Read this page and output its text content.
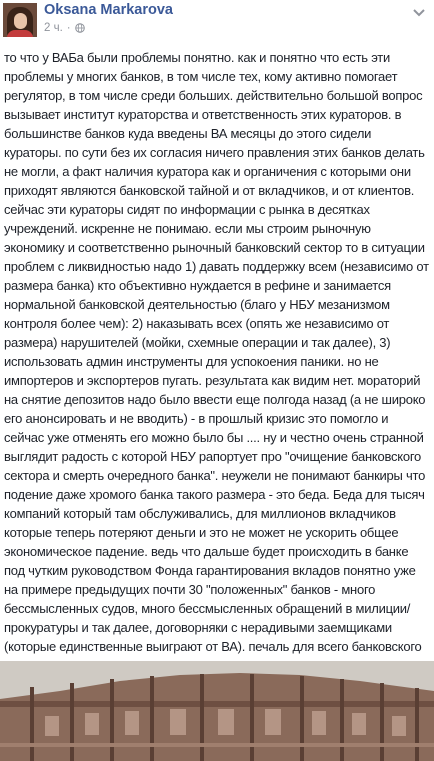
Oksana Markarova
2 ч. ·
то что у ВАБа были проблемы понятно. как и понятно что есть эти проблемы у многих банков, в том числе тех, кому активно помогает регулятор, в том числе среди больших. действительно большой вопрос вызывает институт кураторства и ответственность этих кураторов. в большинстве банков куда введены ВА месяцы до этого сидели кураторы. по сути без их согласия ничего правления этих банков делать не могли, а факт наличия куратора как и органичения с которыми они приходят являются банковской тайной и от вкладчиков, и от клиентов. сейчас эти кураторы сидят по информации с рынка в десятках учреждений. искренне не понимаю. если мы строим рыночную экономику и соответственно рыночный банковский сектор то в ситуации проблем с ликвидностью надо 1) давать поддержку всем (независимо от размера банка) кто объективно нуждается в рефине и занимается нормальной банковской деятельностью (благо у НБУ мезанизмом контроля более чем): 2) наказывать всех (опять же независимо от размера) нарушителей (мойки, схемные операции и так далее), 3) использовать админ инструменты для успокоения паники. но не импортеров и экспортеров пугать. результата как видим нет. мораторий на снятие депозитов надо было ввести еще полгода назад (а не широко его анонсировать и не вводить) - в прошлый кризис это помогло и сейчас уже отменять его можно было бы .... ну и честно очень странной выглядит радость с которой НБУ рапортует про "очищение банковского сектора и смерть очередного банка". неужели не понимают банкиры что подение даже хромого банка такого размера - это беда. Беда для тысяч компаний который там обслуживались, для миллионов вкладчиков которые теперь потеряют деньги и это не может не ускорить общее экономическое падение. ведь что дальше будет происходить в банке под чутким руководством Фонда гарантирования вкладов понятно уже на примере предыдущих почти 30 "положенных" банков - много бессмысленных судов, много бессмысленных обращений в милиции/прокуратуры и так далее, договорняки с нерадивыми заемщиками (которые единственные выиграют от ВА). печаль для всего банковского
